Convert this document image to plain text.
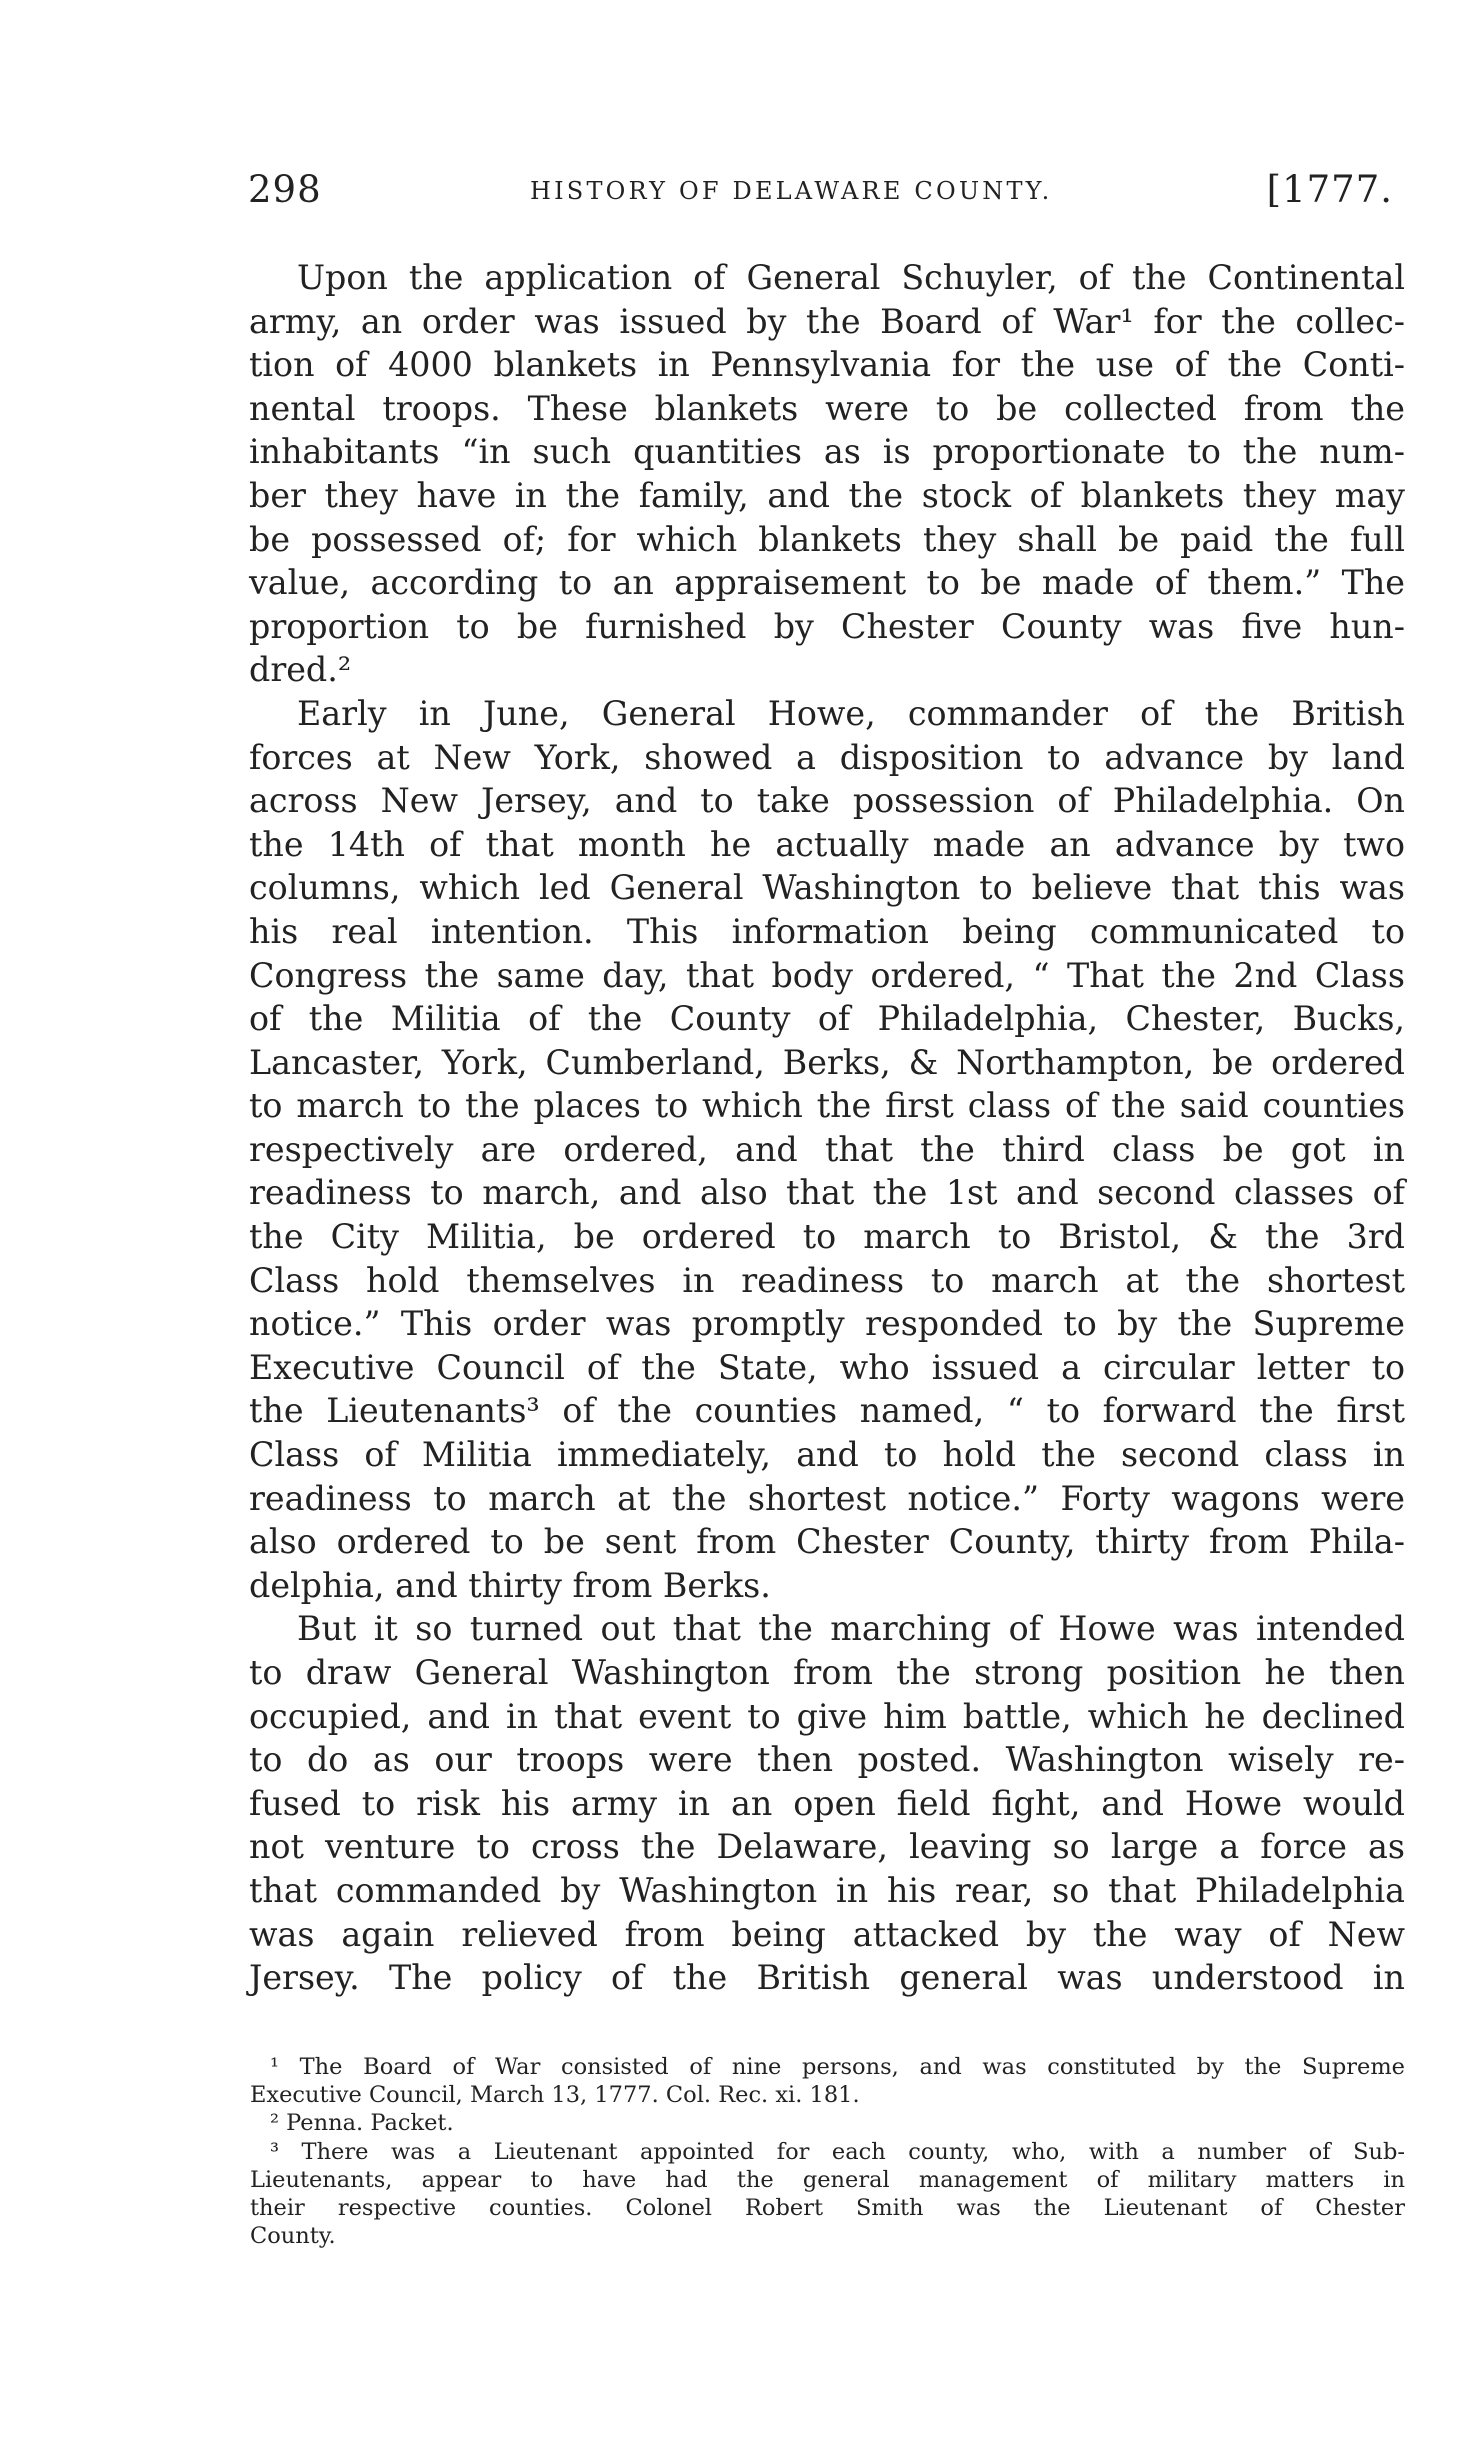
298	HISTORY OF DELAWARE COUNTY.	[1777.
Upon the application of General Schuyler, of the Continental
army, an order was issued by the Board of War¹ for the collec-
tion of 4000 blankets in Pennsylvania for the use of the Conti-
nental troops. These blankets were to be collected from the
inhabitants “in such quantities as is proportionate to the num-
ber they have in the family, and the stock of blankets they may
be possessed of; for which blankets they shall be paid the full
value, according to an appraisement to be made of them.” The
proportion to be furnished by Chester County was five hun-
dred.²
Early in June, General Howe, commander of the British
forces at New York, showed a disposition to advance by land
across New Jersey, and to take possession of Philadelphia. On
the 14th of that month he actually made an advance by two
columns, which led General Washington to believe that this was
his real intention. This information being communicated to
Congress the same day, that body ordered, “ That the 2nd Class
of the Militia of the County of Philadelphia, Chester, Bucks,
Lancaster, York, Cumberland, Berks, & Northampton, be ordered
to march to the places to which the first class of the said counties
respectively are ordered, and that the third class be got in
readiness to march, and also that the 1st and second classes of
the City Militia, be ordered to march to Bristol, & the 3rd
Class hold themselves in readiness to march at the shortest
notice.” This order was promptly responded to by the Supreme
Executive Council of the State, who issued a circular letter to
the Lieutenants³ of the counties named, “ to forward the first
Class of Militia immediately, and to hold the second class in
readiness to march at the shortest notice.” Forty wagons were
also ordered to be sent from Chester County, thirty from Phila-
delphia, and thirty from Berks.
But it so turned out that the marching of Howe was intended
to draw General Washington from the strong position he then
occupied, and in that event to give him battle, which he declined
to do as our troops were then posted. Washington wisely re-
fused to risk his army in an open field fight, and Howe would
not venture to cross the Delaware, leaving so large a force as
that commanded by Washington in his rear, so that Philadelphia
was again relieved from being attacked by the way of New
Jersey. The policy of the British general was understood in
¹ The Board of War consisted of nine persons, and was constituted by the Supreme
Executive Council, March 13, 1777. Col. Rec. xi. 181.
² Penna. Packet.
³ There was a Lieutenant appointed for each county, who, with a number of Sub-
Lieutenants, appear to have had the general management of military matters in
their respective counties. Colonel Robert Smith was the Lieutenant of Chester
County.
